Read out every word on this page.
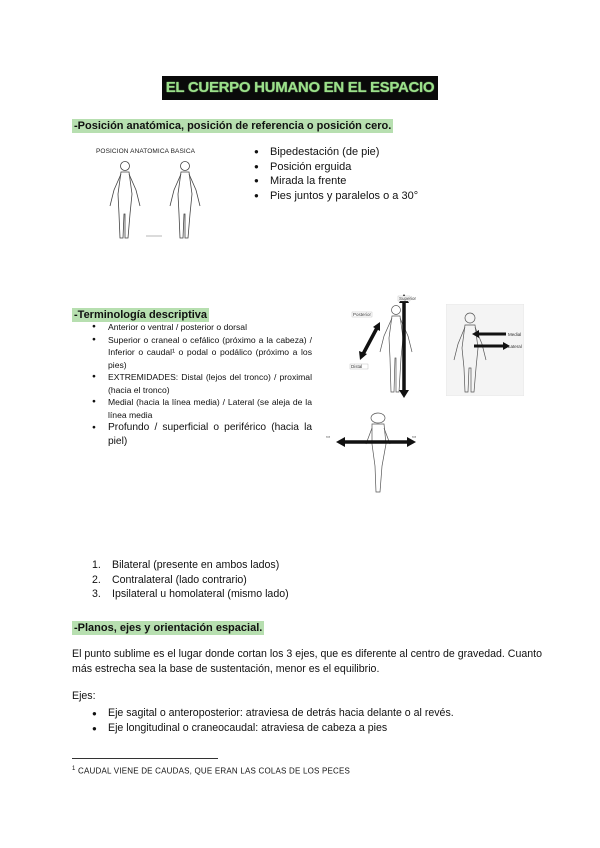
EL CUERPO HUMANO EN EL ESPACIO
-Posición anatómica, posición de referencia o posición cero.
POSICION ANATOMICA BASICA
●	Bipedestación (de pie)
● Posición erguida
● Mirada la frente
● Pies juntos y paralelos o a 30°
-Terminología descriptiva
● Anterior o ventral / posterior o dorsal
● Superior o craneal o cefálico (próximo a la cabeza) / Inferior o caudal¹ o podal o podálico (próximo a los pies)
● EXTREMIDADES: Distal (lejos del tronco) / proximal (hacia el tronco)
● Medial (hacia la línea media) / Lateral (se aleja de la línea media
● Profundo / superficial o periférico (hacia la piel)
Superior
Posterior
Distal
Medial
Lateral
▭	▭
1. Bilateral (presente en ambos lados)
2. Contralateral (lado contrario)
3. Ipsilateral u homolateral (mismo lado)
-Planos, ejes y orientación espacial.
El punto sublime es el lugar donde cortan los 3 ejes, que es diferente al centro de gravedad. Cuanto más estrecha sea la base de sustentación, menor es el equilibrio.
Ejes:
● Eje sagital o anteroposterior: atraviesa de detrás hacia delante o al revés.
● Eje longitudinal o craneocaudal: atraviesa de cabeza a pies
$^1$ CAUDAL VIENE DE CAUDAS, QUE ERAN LAS COLAS DE LOS PECES
